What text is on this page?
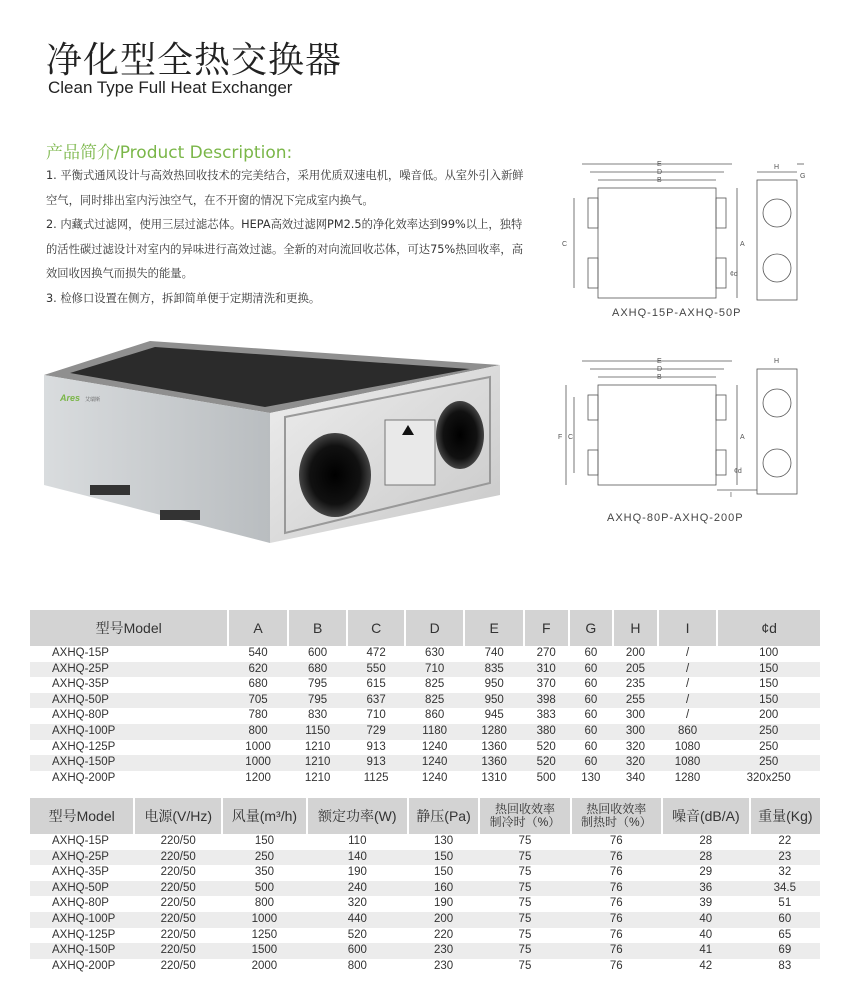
净化型全热交换器
Clean Type Full Heat Exchanger
产品简介/Product Description:

1. 平衡式通风设计与高效热回收技术的完美结合，采用优质双速电机，噪音低。从室外引入新鲜空气，同时排出室内污浊空气，在不开窗的情况下完成室内换气。

2. 内藏式过滤网，使用三层过滤芯体。HEPA高效过滤网PM2.5的净化效率达到99%以上，独特的活性碳过滤设计对室内的异味进行高效过滤。全新的对向流回收芯体，可达75%热回收率，高效回收因换气而损失的能量。

3. 检修口设置在侧方，拆卸简单便于定期清洗和更换。

Ares 艾瑞斯
E
D
B
C	A
H
G
¢d
AXHQ-15P-AXHQ-50P
E
D
B
F C	A
H
¢d
I
AXHQ-80P-AXHQ-200P
型号Model	A	B	C	D	E	F	G	H	I	¢d
AXHQ-15P	540	600	472	630	740	270	60	200	/	100
AXHQ-25P	620	680	550	710	835	310	60	205	/	150
AXHQ-35P	680	795	615	825	950	370	60	235	/	150
AXHQ-50P	705	795	637	825	950	398	60	255	/	150
AXHQ-80P	780	830	710	860	945	383	60	300	/	200
AXHQ-100P	800	1150	729	1180	1280	380	60	300	860	250
AXHQ-125P	1000	1210	913	1240	1360	520	60	320	1080	250
AXHQ-150P	1000	1210	913	1240	1360	520	60	320	1080	250
AXHQ-200P	1200	1210	1125	1240	1310	500	130	340	1280	320x250
型号Model	电源(V/Hz)	风量(m³/h)	额定功率(W)	静压(Pa)	热回收效率
制冷时（%）	热回收效率
制热时（%）	噪音(dB/A)	重量(Kg)
AXHQ-15P	220/50	150	110	130	75	76	28	22
AXHQ-25P	220/50	250	140	150	75	76	28	23
AXHQ-35P	220/50	350	190	150	75	76	29	32
AXHQ-50P	220/50	500	240	160	75	76	36	34.5
AXHQ-80P	220/50	800	320	190	75	76	39	51
AXHQ-100P	220/50	1000	440	200	75	76	40	60
AXHQ-125P	220/50	1250	520	220	75	76	40	65
AXHQ-150P	220/50	1500	600	230	75	76	41	69
AXHQ-200P	220/50	2000	800	230	75	76	42	83
